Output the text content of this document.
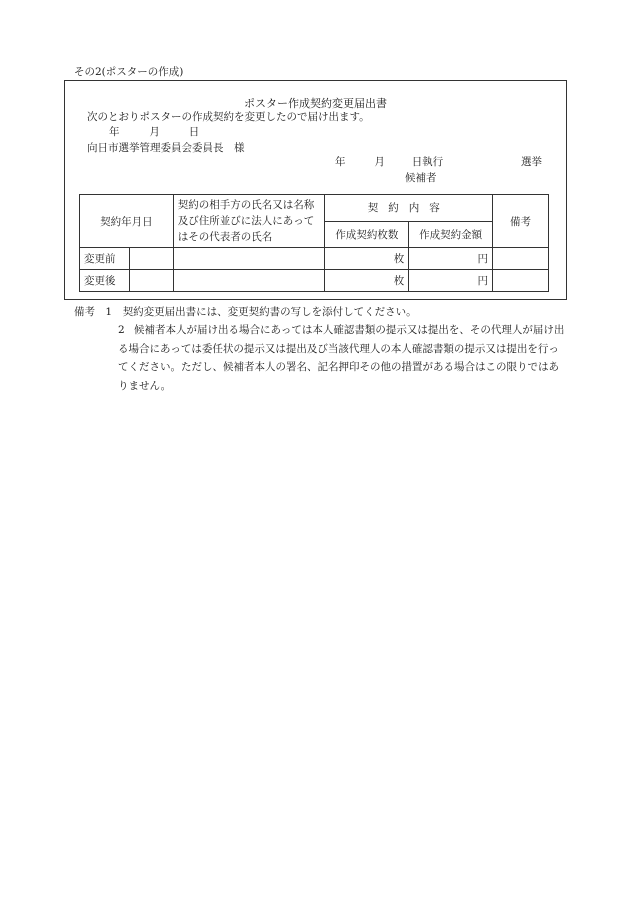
その2(ポスターの作成)
ポスター作成契約変更届出書
次のとおりポスターの作成契約を変更したので届け出ます。
年	月	日
向日市選挙管理委員会委員長　様
年	月	日執行	選挙
候補者
契約年月日		契約の相手方の氏名又は名称及び住所並びに法人にあってはその代表者の氏名	契約内容		備考
			作成契約枚数	作成契約金額	
変更前			枚	円	
変更後			枚	円	
備考 1 契約変更届出書には、変更契約書の写しを添付してください。
2 候補者本人が届け出る場合にあっては本人確認書類の提示又は提出を、その代理人が届け出る場合にあっては委任状の提示又は提出及び当該代理人の本人確認書類の提示又は提出を行ってください。ただし、候補者本人の署名、記名押印その他の措置がある場合はこの限りではありません。
